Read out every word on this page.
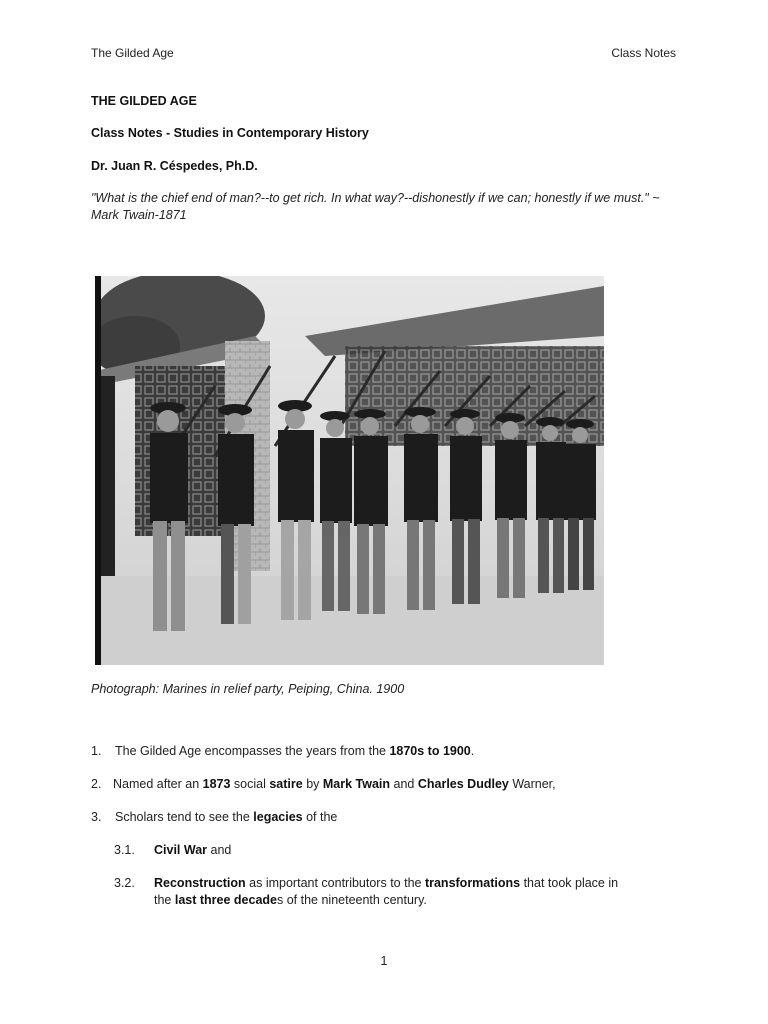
The Gilded Age	Class Notes
THE GILDED AGE
Class Notes - Studies in Contemporary History
Dr. Juan R. Céspedes, Ph.D.
"What is the chief end of man?--to get rich. In what way?--dishonestly if we can; honestly if we must." ~ Mark Twain-1871
Photograph: Marines in relief party, Peiping, China. 1900
1. The Gilded Age encompasses the years from the 1870s to 1900.
2. Named after an 1873 social satire by Mark Twain and Charles Dudley Warner,
3. Scholars tend to see the legacies of the
3.1. Civil War and
3.2. Reconstruction as important contributors to the transformations that took place in
the last three decades of the nineteenth century.
1
